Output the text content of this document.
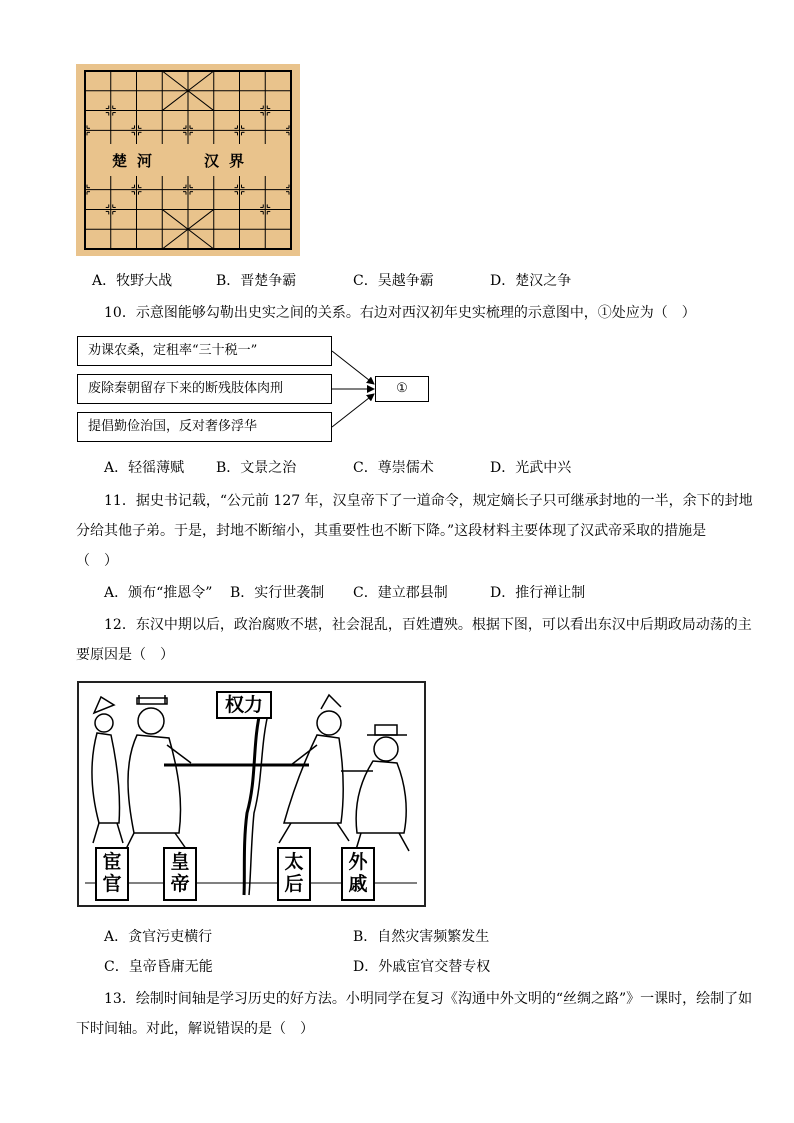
楚河	汉界
A．牧野大战	B．晋楚争霸	C．吴越争霸	D．楚汉之争
10．示意图能够勾勒出史实之间的关系。右边对西汉初年史实梳理的示意图中，①处应为（　）
劝课农桑，定租率“三十税一”
废除秦朝留存下来的断残肢体肉刑
提倡勤俭治国，反对奢侈浮华
①
A．轻徭薄赋 B．文景之治	C．尊崇儒术	D．光武中兴
11．据史书记载，“公元前 127 年，汉皇帝下了一道命令，规定嫡长子只可继承封地的一半，余下的封地
分给其他子弟。于是，封地不断缩小，其重要性也不断下降。”这段材料主要体现了汉武帝采取的措施是
（　）
A．颁布“推恩令” B．实行世袭制 C．建立郡县制	D．推行禅让制
12．东汉中期以后，政治腐败不堪，社会混乱，百姓遭殃。根据下图，可以看出东汉中后期政局动荡的主
要原因是（　）
权力
宦官
皇帝
太后
外戚
A．贪官污吏横行	B．自然灾害频繁发生
C．皇帝昏庸无能	D．外戚宦官交替专权
13．绘制时间轴是学习历史的好方法。小明同学在复习《沟通中外文明的“丝绸之路”》一课时，绘制了如
下时间轴。对此，解说错误的是（　）
